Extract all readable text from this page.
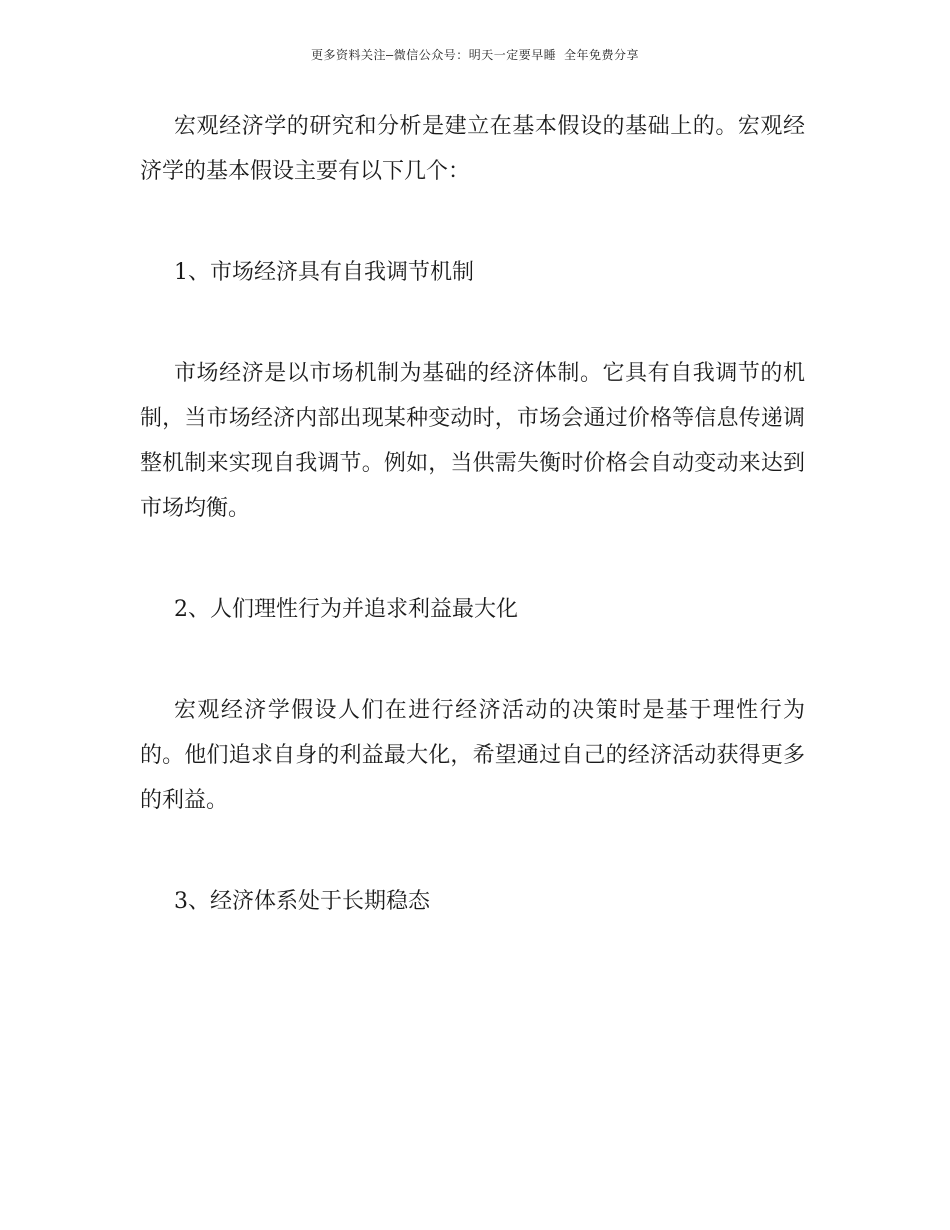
更多资料关注–微信公众号：明天一定要早睡 全年免费分享

宏观经济学的研究和分析是建立在基本假设的基础上的。宏观经济学的基本假设主要有以下几个：

1、市场经济具有自我调节机制

市场经济是以市场机制为基础的经济体制。它具有自我调节的机制，当市场经济内部出现某种变动时，市场会通过价格等信息传递调整机制来实现自我调节。例如，当供需失衡时价格会自动变动来达到市场均衡。

2、人们理性行为并追求利益最大化

宏观经济学假设人们在进行经济活动的决策时是基于理性行为的。他们追求自身的利益最大化，希望通过自己的经济活动获得更多的利益。

3、经济体系处于长期稳态
